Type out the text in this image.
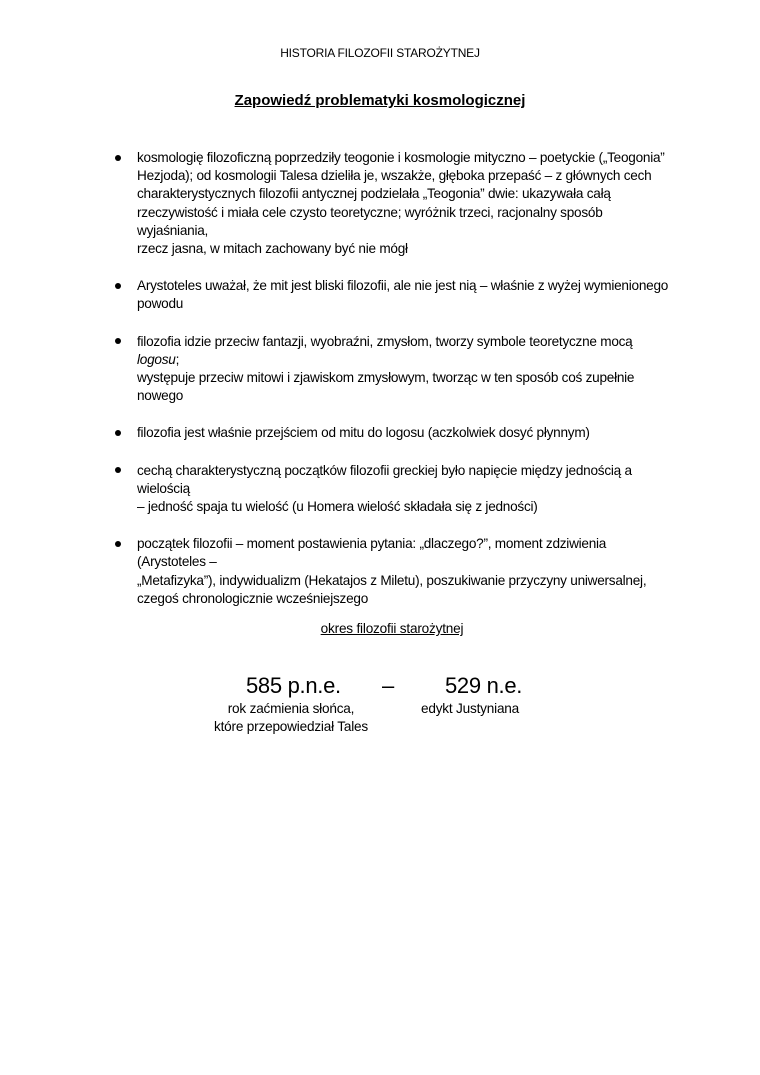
HISTORIA FILOZOFII STAROŻYTNEJ
Zapowiedź problematyki kosmologicznej
kosmologię filozoficzną poprzedziły teogonie i kosmologie mityczno – poetyckie („Teogonia”
Hezjoda); od kosmologii Talesa dzieliła je, wszakże, głęboka przepaść – z głównych cech
charakterystycznych filozofii antycznej podzielała „Teogonia” dwie: ukazywała całą
rzeczywistość i miała cele czysto teoretyczne; wyróżnik trzeci, racjonalny sposób wyjaśniania,
rzecz jasna, w mitach zachowany być nie mógł
Arystoteles uważał, że mit jest bliski filozofii, ale nie jest nią – właśnie z wyżej wymienionego
powodu
filozofia idzie przeciw fantazji, wyobraźni, zmysłom, tworzy symbole teoretyczne mocą logosu;
występuje przeciw mitowi i zjawiskom zmysłowym, tworząc w ten sposób coś zupełnie nowego
filozofia jest właśnie przejściem od mitu do logosu (aczkolwiek dosyć płynnym)
cechą charakterystyczną początków filozofii greckiej było napięcie między jednością a wielością
– jedność spaja tu wielość (u Homera wielość składała się z jedności)
początek filozofii – moment postawienia pytania: „dlaczego?”, moment zdziwienia (Arystoteles –
„Metafizyka”), indywidualizm (Hekatajos z Miletu), poszukiwanie przyczyny uniwersalnej,
czegoś chronologicznie wcześniejszego
okres filozofii starożytnej
585 p.n.e. – 529 n.e.
rok zaćmienia słońca,
które przepowiedział Tales
edykt Justyniana
